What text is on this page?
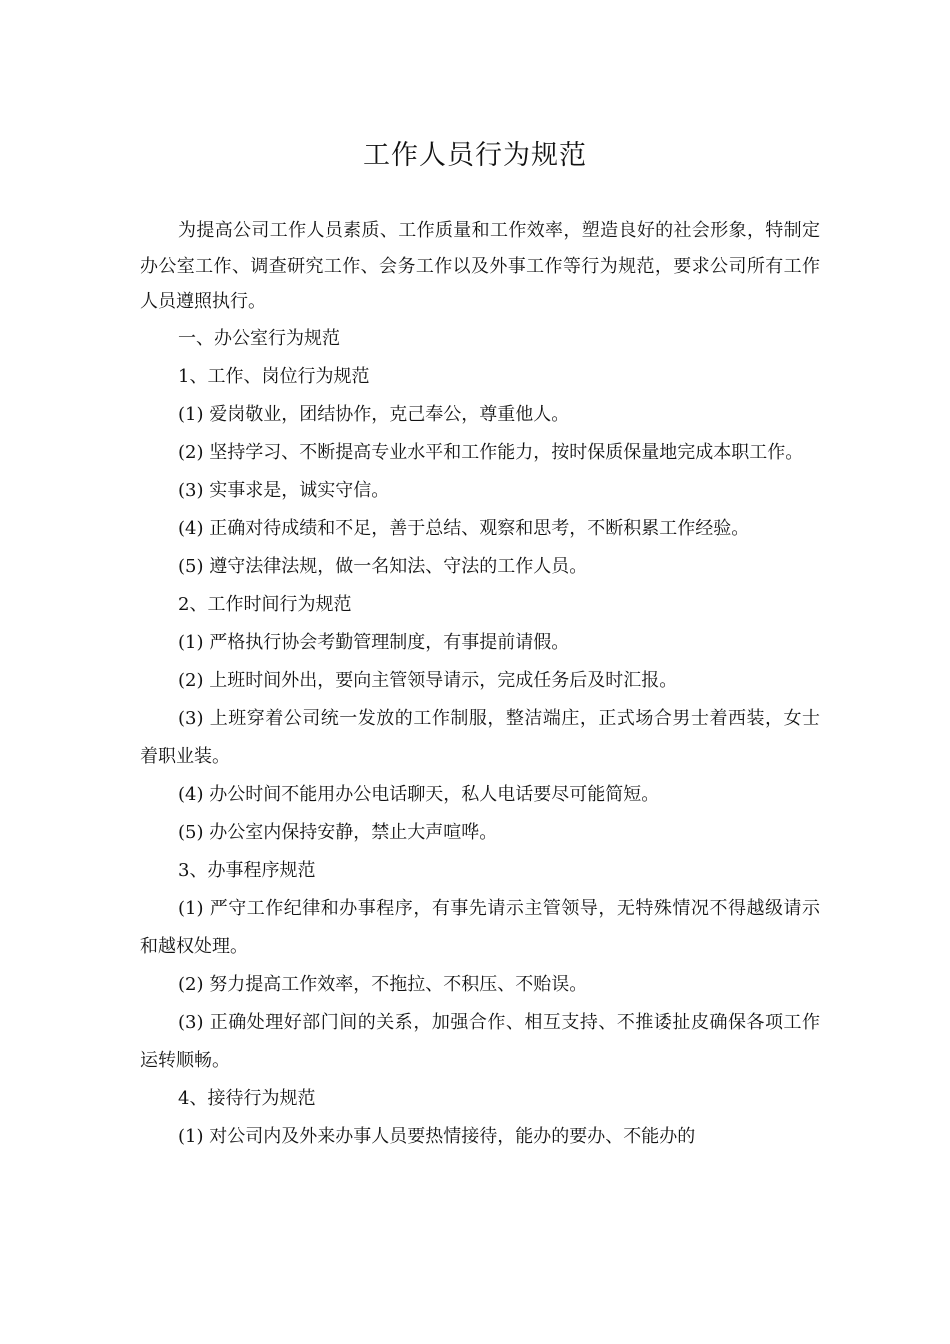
工作人员行为规范

为提高公司工作人员素质、工作质量和工作效率，塑造良好的社会形象，特制定办公室工作、调查研究工作、会务工作以及外事工作等行为规范，要求公司所有工作人员遵照执行。

一、办公室行为规范

1、工作、岗位行为规范

(1) 爱岗敬业，团结协作，克己奉公，尊重他人。

(2) 坚持学习、不断提高专业水平和工作能力，按时保质保量地完成本职工作。

(3) 实事求是，诚实守信。

(4) 正确对待成绩和不足，善于总结、观察和思考，不断积累工作经验。

(5) 遵守法律法规，做一名知法、守法的工作人员。

2、工作时间行为规范

(1) 严格执行协会考勤管理制度，有事提前请假。

(2) 上班时间外出，要向主管领导请示，完成任务后及时汇报。

(3) 上班穿着公司统一发放的工作制服，整洁端庄，正式场合男士着西装，女士着职业装。

(4) 办公时间不能用办公电话聊天，私人电话要尽可能简短。

(5) 办公室内保持安静，禁止大声喧哗。

3、办事程序规范

(1) 严守工作纪律和办事程序，有事先请示主管领导，无特殊情况不得越级请示和越权处理。

(2) 努力提高工作效率，不拖拉、不积压、不贻误。

(3) 正确处理好部门间的关系，加强合作、相互支持、不推诿扯皮确保各项工作运转顺畅。

4、接待行为规范

(1) 对公司内及外来办事人员要热情接待，能办的要办、不能办的
